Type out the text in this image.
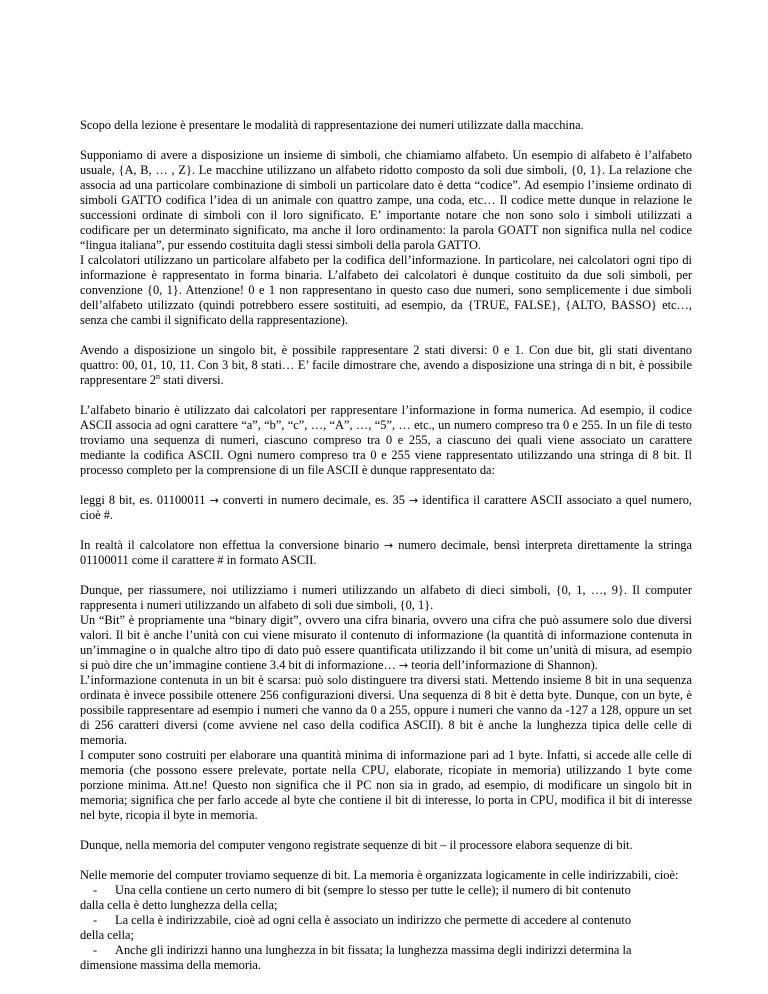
Scopo della lezione è presentare le modalità di rappresentazione dei numeri utilizzate dalla macchina.

Supponiamo di avere a disposizione un insieme di simboli, che chiamiamo alfabeto. Un esempio di alfabeto è l’alfabeto usuale, {A, B, … , Z}. Le macchine utilizzano un alfabeto ridotto composto da soli due simboli, {0, 1}. La relazione che associa ad una particolare combinazione di simboli un particolare dato è detta “codice”. Ad esempio l’insieme ordinato di simboli GATTO codifica l’idea di un animale con quattro zampe, una coda, etc… Il codice mette dunque in relazione le successioni ordinate di simboli con il loro significato. E’ importante notare che non sono solo i simboli utilizzati a codificare per un determinato significato, ma anche il loro ordinamento: la parola GOATT non significa nulla nel codice “lingua italiana”, pur essendo costituita dagli stessi simboli della parola GATTO.

I calcolatori utilizzano un particolare alfabeto per la codifica dell’informazione. In particolare, nei calcolatori ogni tipo di informazione è rappresentato in forma binaria. L’alfabeto dei calcolatori è dunque costituito da due soli simboli, per convenzione {0, 1}. Attenzione! 0 e 1 non rappresentano in questo caso due numeri, sono semplicemente i due simboli dell’alfabeto utilizzato (quindi potrebbero essere sostituiti, ad esempio, da {TRUE, FALSE}, {ALTO, BASSO} etc…, senza che cambi il significato della rappresentazione).

Avendo a disposizione un singolo bit, è possibile rappresentare 2 stati diversi: 0 e 1. Con due bit, gli stati diventano quattro: 00, 01, 10, 11. Con 3 bit, 8 stati… E’ facile dimostrare che, avendo a disposizione una stringa di n bit, è possibile rappresentare 2$^n$ stati diversi.

L’alfabeto binario è utilizzato dai calcolatori per rappresentare l’informazione in forma numerica. Ad esempio, il codice ASCII associa ad ogni carattere “a”, “b”, “c”, …, “A”, …, “5”, … etc., un numero compreso tra 0 e 255. In un file di testo troviamo una sequenza di numeri, ciascuno compreso tra 0 e 255, a ciascuno dei quali viene associato un carattere mediante la codifica ASCII. Ogni numero compreso tra 0 e 255 viene rappresentato utilizzando una stringa di 8 bit. Il processo completo per la comprensione di un file ASCII è dunque rappresentato da:

leggi 8 bit, es. 01100011 → converti in numero decimale, es. 35 → identifica il carattere ASCII associato a quel numero, cioè #.

In realtà il calcolatore non effettua la conversione binario → numero decimale, bensì interpreta direttamente la stringa 01100011 come il carattere # in formato ASCII.

Dunque, per riassumere, noi utilizziamo i numeri utilizzando un alfabeto di dieci simboli, {0, 1, …, 9}. Il computer rappresenta i numeri utilizzando un alfabeto di soli due simboli, {0, 1}.

Un “Bit” è propriamente una “binary digit”, ovvero una cifra binaria, ovvero una cifra che può assumere solo due diversi valori. Il bit è anche l’unità con cui viene misurato il contenuto di informazione (la quantità di informazione contenuta in un’immagine o in qualche altro tipo di dato può essere quantificata utilizzando il bit come un’unità di misura, ad esempio si può dire che un’immagine contiene 3.4 bit di informazione… → teoria dell’informazione di Shannon).

L’informazione contenuta in un bit è scarsa: può solo distinguere tra diversi stati. Mettendo insieme 8 bit in una sequenza ordinata è invece possibile ottenere 256 configurazioni diversi. Una sequenza di 8 bit è detta byte. Dunque, con un byte, è possibile rappresentare ad esempio i numeri che vanno da 0 a 255, oppure i numeri che vanno da -127 a 128, oppure un set di 256 caratteri diversi (come avviene nel caso della codifica ASCII). 8 bit è anche la lunghezza tipica delle celle di memoria.

I computer sono costruiti per elaborare una quantità minima di informazione pari ad 1 byte. Infatti, si accede alle celle di memoria (che possono essere prelevate, portate nella CPU, elaborate, ricopiate in memoria) utilizzando 1 byte come porzione minima. Att.ne! Questo non significa che il PC non sia in grado, ad esempio, di modificare un singolo bit in memoria; significa che per farlo accede al byte che contiene il bit di interesse, lo porta in CPU, modifica il bit di interesse nel byte, ricopia il byte in memoria.

Dunque, nella memoria del computer vengono registrate sequenze di bit – il processore elabora sequenze di bit.

Nelle memorie del computer troviamo sequenze di bit. La memoria è organizzata logicamente in celle indirizzabili, cioè:

- Una cella contiene un certo numero di bit (sempre lo stesso per tutte le celle); il numero di bit contenuto

dalla cella è detto lunghezza della cella;

- La cella è indirizzabile, cioè ad ogni cella è associato un indirizzo che permette di accedere al contenuto

della cella;

- Anche gli indirizzi hanno una lunghezza in bit fissata; la lunghezza massima degli indirizzi determina la

dimensione massima della memoria.
